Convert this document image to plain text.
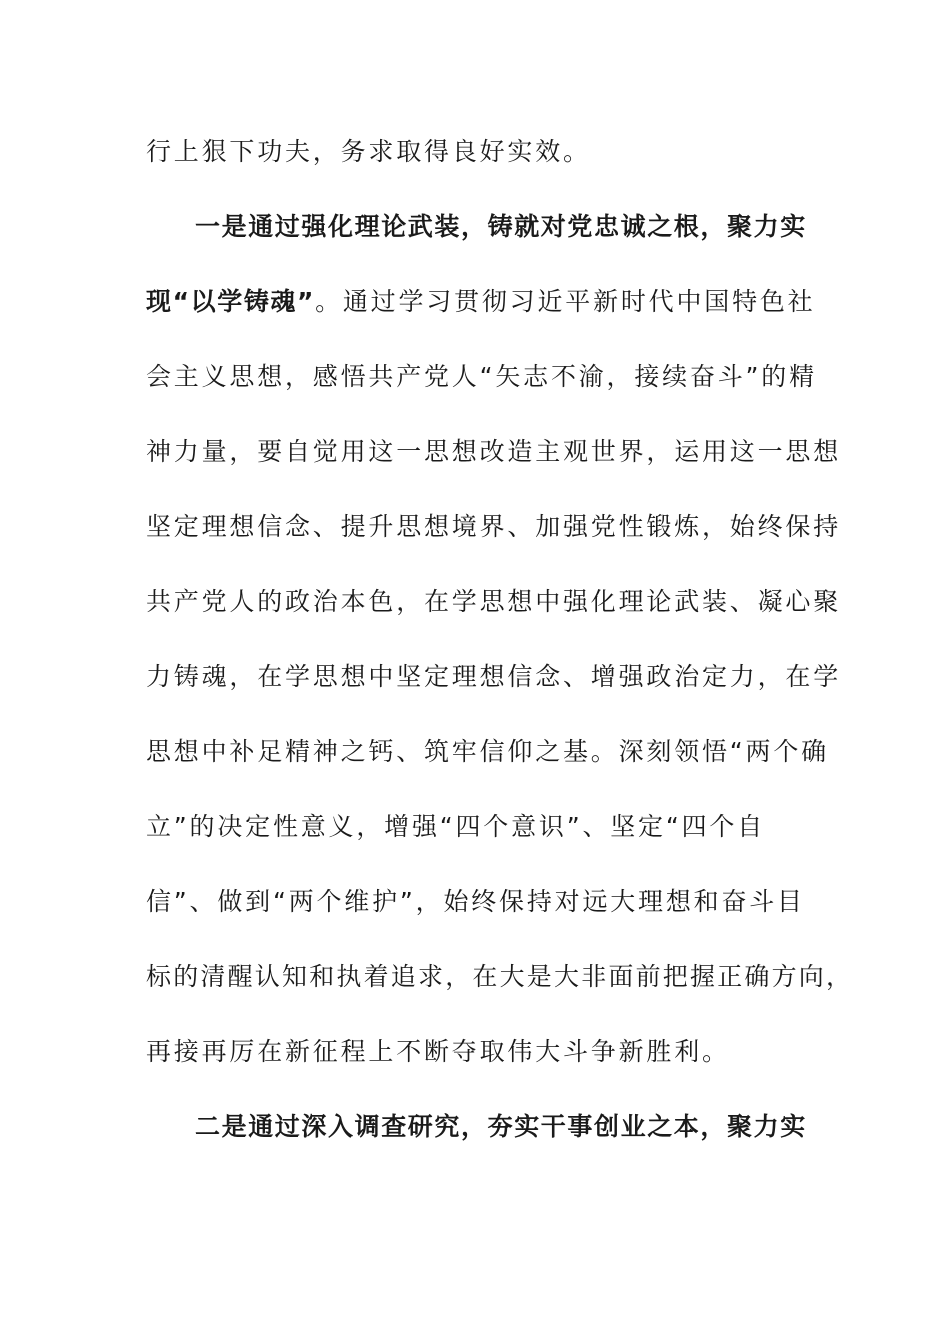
行上狠下功夫，务求取得良好实效。
一是通过强化理论武装，铸就对党忠诚之根，聚力实
现“以学铸魂”。通过学习贯彻习近平新时代中国特色社
会主义思想，感悟共产党人“矢志不渝，接续奋斗”的精
神力量，要自觉用这一思想改造主观世界，运用这一思想
坚定理想信念、提升思想境界、加强党性锻炼，始终保持
共产党人的政治本色，在学思想中强化理论武装、凝心聚
力铸魂，在学思想中坚定理想信念、增强政治定力，在学
思想中补足精神之钙、筑牢信仰之基。深刻领悟“两个确
立”的决定性意义，增强“四个意识”、坚定“四个自
信”、做到“两个维护”，始终保持对远大理想和奋斗目
标的清醒认知和执着追求，在大是大非面前把握正确方向，
再接再厉在新征程上不断夺取伟大斗争新胜利。
二是通过深入调查研究，夯实干事创业之本，聚力实
